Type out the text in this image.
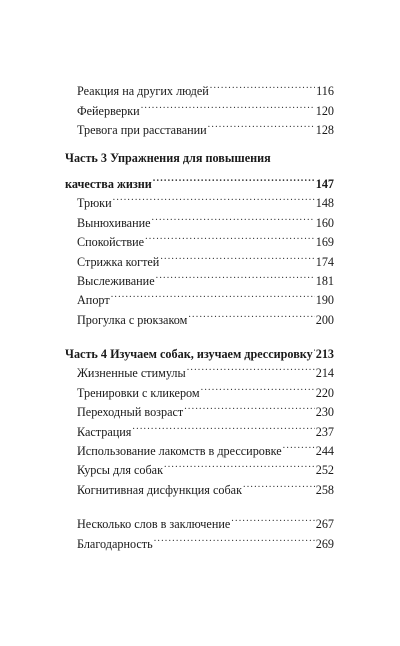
Реакция на других людей .....	116
Фейерверки .....	120
Тревога при расставании .....	128
Часть 3 Упражнения для повышения
качества жизни .....	147
Трюки .....	148
Вынюхивание .....	160
Спокойствие .....	169
Стрижка когтей .....	174
Выслеживание .....	181
Апорт .....	190
Прогулка с рюкзаком .....	200
Часть 4 Изучаем собак, изучаем дрессировку ..... 213
Жизненные стимулы .....	214
Тренировки с кликером .....	220
Переходный возраст .....	230
Кастрация .....	237
Использование лакомств в дрессировке .....	244
Курсы для собак .....	252
Когнитивная дисфункция собак .....	258
Несколько слов в заключение .....	267
Благодарность .....	269
